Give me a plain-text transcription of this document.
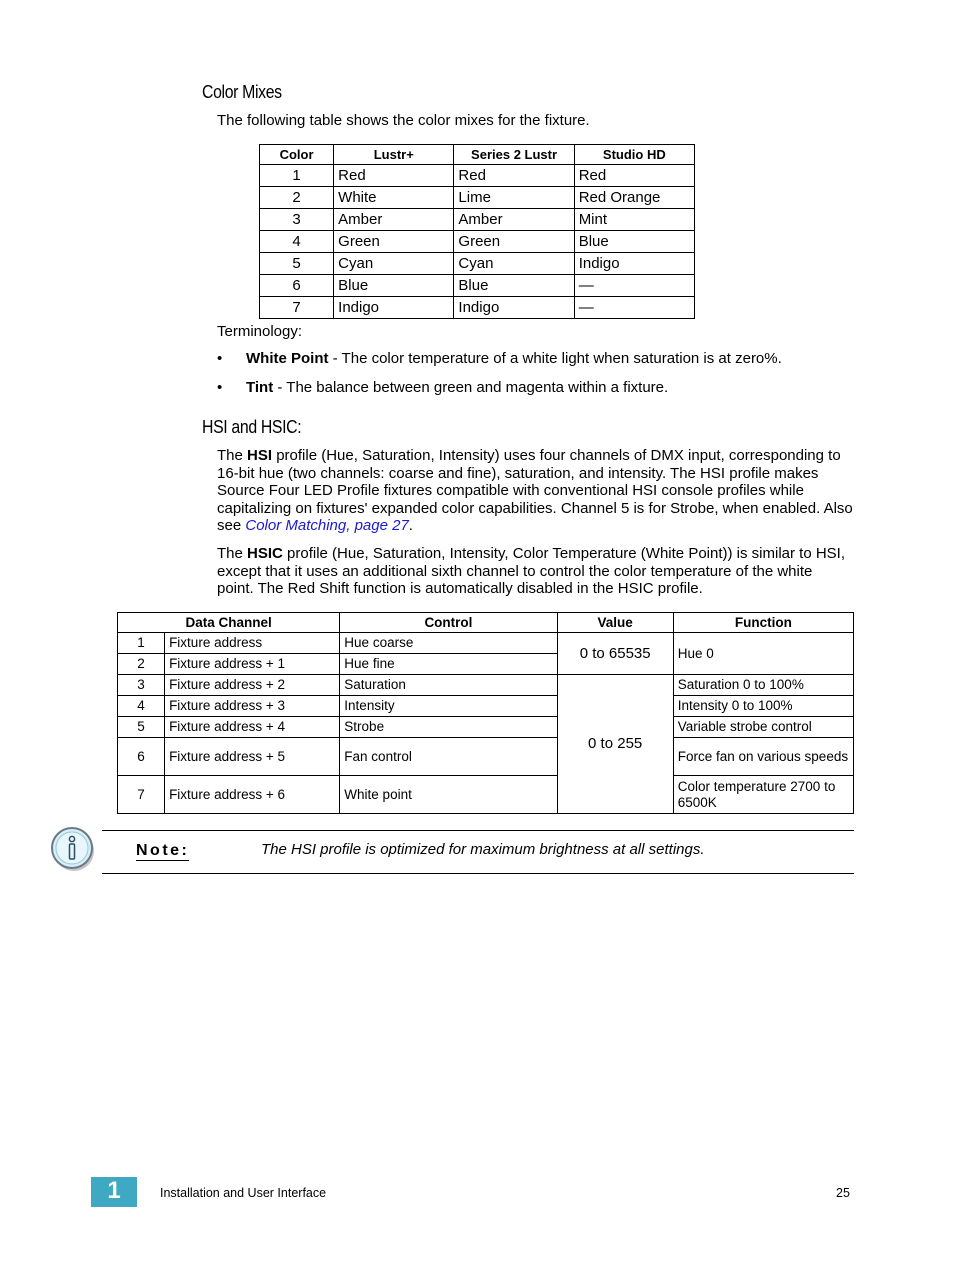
Color Mixes
The following table shows the color mixes for the fixture.
Color	Lustr+	Series 2 Lustr	Studio HD
1	Red	Red	Red
2	White	Lime	Red Orange
3	Amber	Amber	Mint
4	Green	Green	Blue
5	Cyan	Cyan	Indigo
6	Blue	Blue	—
7	Indigo	Indigo	—
Terminology:
• White Point - The color temperature of a white light when saturation is at zero%.
• Tint - The balance between green and magenta within a fixture.
HSI and HSIC:
The HSI profile (Hue, Saturation, Intensity) uses four channels of DMX input, corresponding to 16-bit hue (two channels: coarse and fine), saturation, and intensity. The HSI profile makes Source Four LED Profile fixtures compatible with conventional HSI console profiles while capitalizing on fixtures' expanded color capabilities. Channel 5 is for Strobe, when enabled. Also see Color Matching, page 27.
The HSIC profile (Hue, Saturation, Intensity, Color Temperature (White Point)) is similar to HSI, except that it uses an additional sixth channel to control the color temperature of the white point. The Red Shift function is automatically disabled in the HSIC profile.
Data Channel		Control	Value	Function
1	Fixture address	Hue coarse	0 to 65535	Hue 0
2	Fixture address + 1	Hue fine		
3	Fixture address + 2	Saturation	0 to 255	Saturation 0 to 100%
4	Fixture address + 3	Intensity		Intensity 0 to 100%
5	Fixture address + 4	Strobe		Variable strobe control
6	Fixture address + 5	Fan control		Force fan on various speeds
7	Fixture address + 6	White point		Color temperature 2700 to 6500K
Note:	The HSI profile is optimized for maximum brightness at all settings.
1	Installation and User Interface	25
